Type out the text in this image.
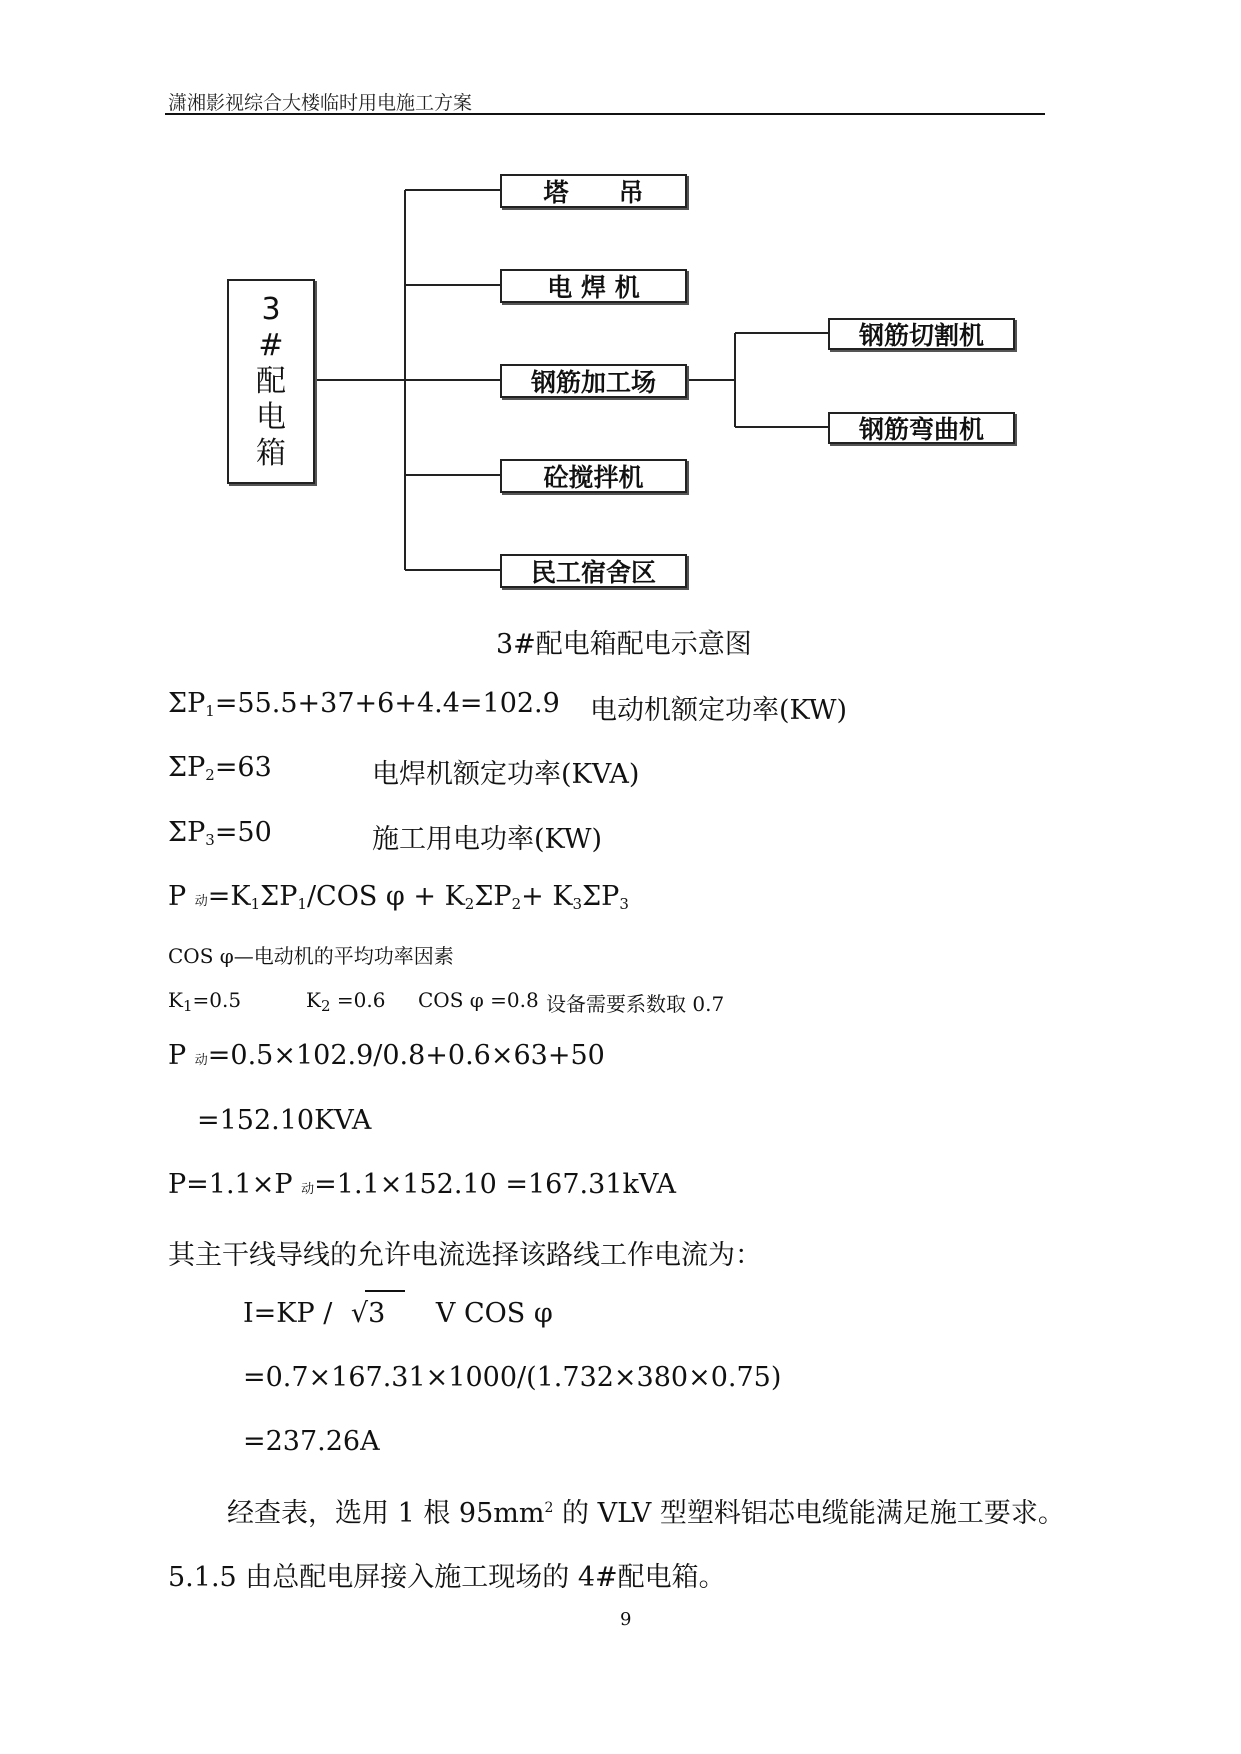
潇湘影视综合大楼临时用电施工方案
3
#
配
电
箱
塔　　吊
电 焊 机
钢筋加工场
砼搅拌机
民工宿舍区
钢筋切割机
钢筋弯曲机
3#配电箱配电示意图
$\Sigma P_1=55.5+37+6+4.4=102.9$ 电动机额定功率(KW)
$\Sigma P_2=63$	电焊机额定功率(KVA)
$\Sigma P_3=50$	施工用电功率(KW)
P 动$=K_1\Sigma P_1$/COS $\varphi + K_2\Sigma P_2+ K_3\Sigma P_3$
COS φ—电动机的平均功率因素
$K_1=0.5$	$K_2 =0.6$ COS φ =0.8 设备需要系数取 0.7
P 动=0.5×102.9/0.8+0.6×63+50
=152.10KVA
P=1.1×P 动=1.1×152.10 =167.31kVA
其主干线导线的允许电流选择该路线工作电流为：
I=KP / √3 V COS φ
=0.7×167.31×1000/(1.732×380×0.75)
=237.26A
经查表，选用 1 根 $95mm^2$ 的 VLV 型塑料铝芯电缆能满足施工要求。
5.1.5 由总配电屏接入施工现场的 4#配电箱。
9
